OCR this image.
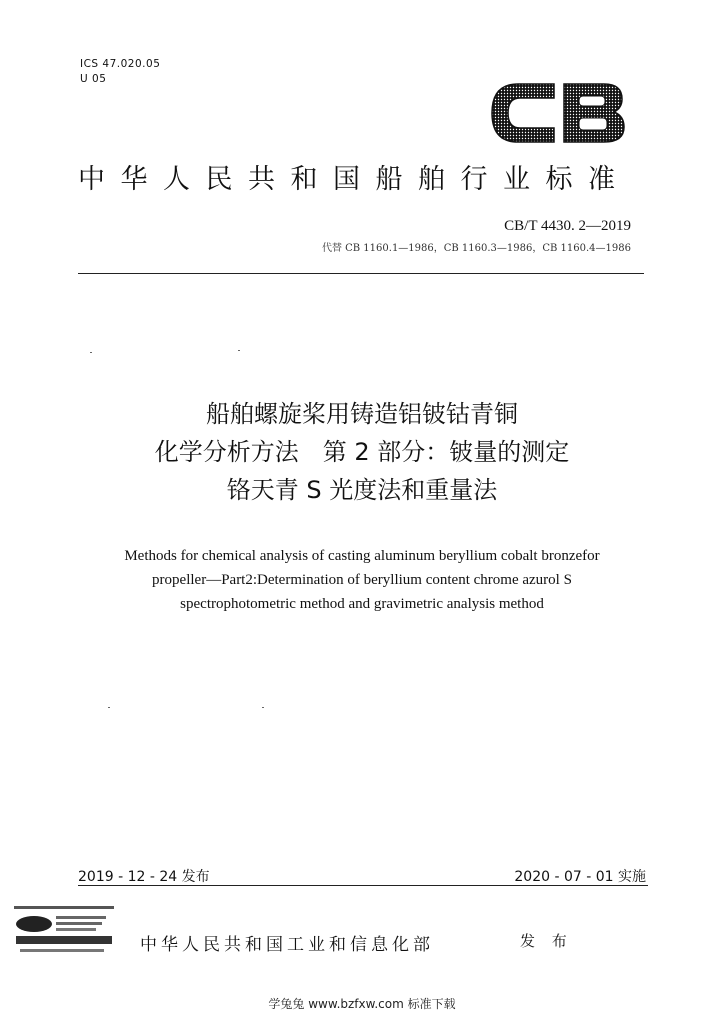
ICS 47.020.05
U 05
中华人民共和国船舶行业标准
CB/T 4430. 2—2019
代替 CB 1160.1—1986，CB 1160.3—1986，CB 1160.4—1986
船舶螺旋桨用铸造铝铍钴青铜
化学分析方法　第 2 部分：铍量的测定
铬天青 S 光度法和重量法
Methods for chemical analysis of casting aluminum beryllium cobalt bronzefor
propeller—Part2:Determination of beryllium content chrome azurol S
spectrophotometric method and gravimetric analysis method
2019 - 12 - 24 发布	2020 - 07 - 01 实施
中华人民共和国工业和信息化部	发 布
学兔兔 www.bzfxw.com 标准下载
